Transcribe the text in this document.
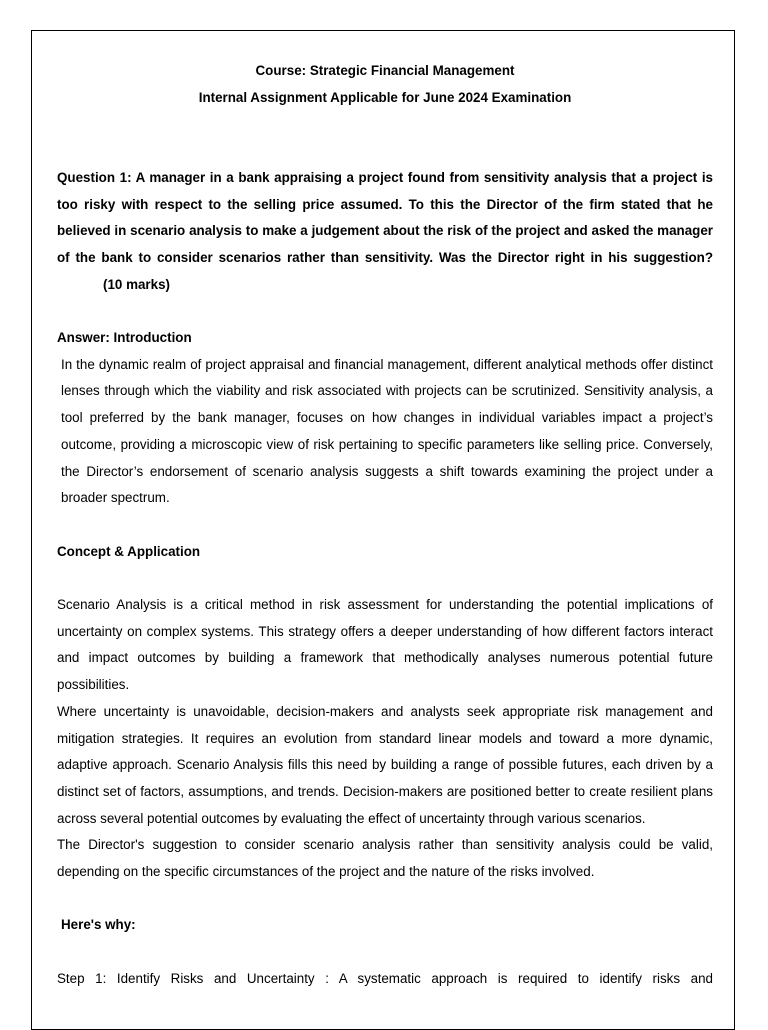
Course: Strategic Financial Management

Internal Assignment Applicable for June 2024 Examination

Question 1: A manager in a bank appraising a project found from sensitivity analysis that a project is too risky with respect to the selling price assumed. To this the Director of the firm stated that he believed in scenario analysis to make a judgement about the risk of the project and asked the manager of the bank to consider scenarios rather than sensitivity. Was the Director right in his suggestion?(10 marks)

Answer: Introduction

In the dynamic realm of project appraisal and financial management, different analytical methods offer distinct lenses through which the viability and risk associated with projects can be scrutinized. Sensitivity analysis, a tool preferred by the bank manager, focuses on how changes in individual variables impact a project’s outcome, providing a microscopic view of risk pertaining to specific parameters like selling price. Conversely, the Director’s endorsement of scenario analysis suggests a shift towards examining the project under a broader spectrum.

Concept & Application

Scenario Analysis is a critical method in risk assessment for understanding the potential implications of uncertainty on complex systems. This strategy offers a deeper understanding of how different factors interact and impact outcomes by building a framework that methodically analyses numerous potential future possibilities.

Where uncertainty is unavoidable, decision-makers and analysts seek appropriate risk management and mitigation strategies. It requires an evolution from standard linear models and toward a more dynamic, adaptive approach. Scenario Analysis fills this need by building a range of possible futures, each driven by a distinct set of factors, assumptions, and trends. Decision-makers are positioned better to create resilient plans across several potential outcomes by evaluating the effect of uncertainty through various scenarios.

The Director's suggestion to consider scenario analysis rather than sensitivity analysis could be valid, depending on the specific circumstances of the project and the nature of the risks involved.

Here's why:

Step 1: Identify Risks and Uncertainty : A systematic approach is required to identify risks and
